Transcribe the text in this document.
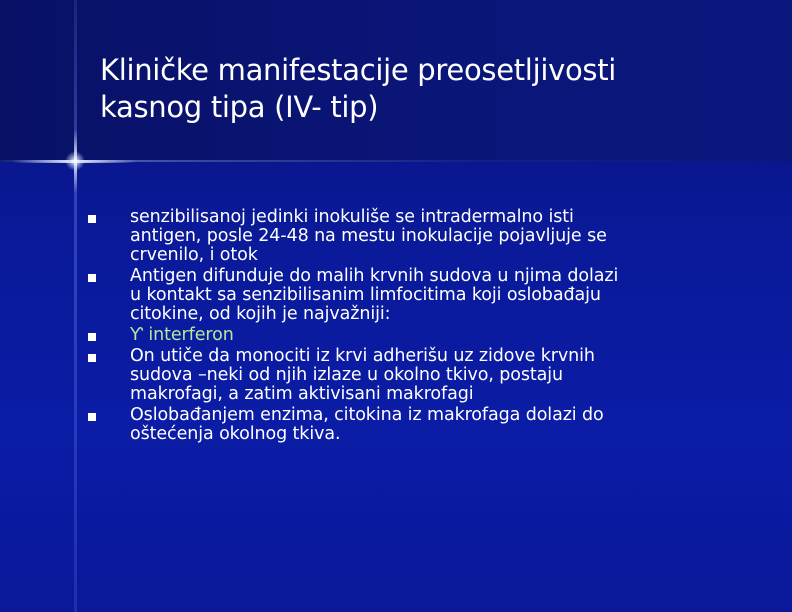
Kliničke manifestacije preosetljivosti
kasnog tipa (IV- tip)
senzibilisanoj jedinki inokuliše se intradermalno isti
antigen, posle 24-48 na mestu inokulacije pojavljuje se
crvenilo, i otok
Antigen difunduje do malih krvnih sudova u njima dolazi
u kontakt sa senzibilisanim limfocitima koji oslobađaju
citokine, od kojih je najvažniji:
Ƴ interferon
On utiče da monociti iz krvi adherišu uz zidove krvnih
sudova –neki od njih izlaze u okolno tkivo, postaju
makrofagi, a zatim aktivisani makrofagi
Oslobađanjem enzima, citokina iz makrofaga dolazi do
oštećenja okolnog tkiva.
